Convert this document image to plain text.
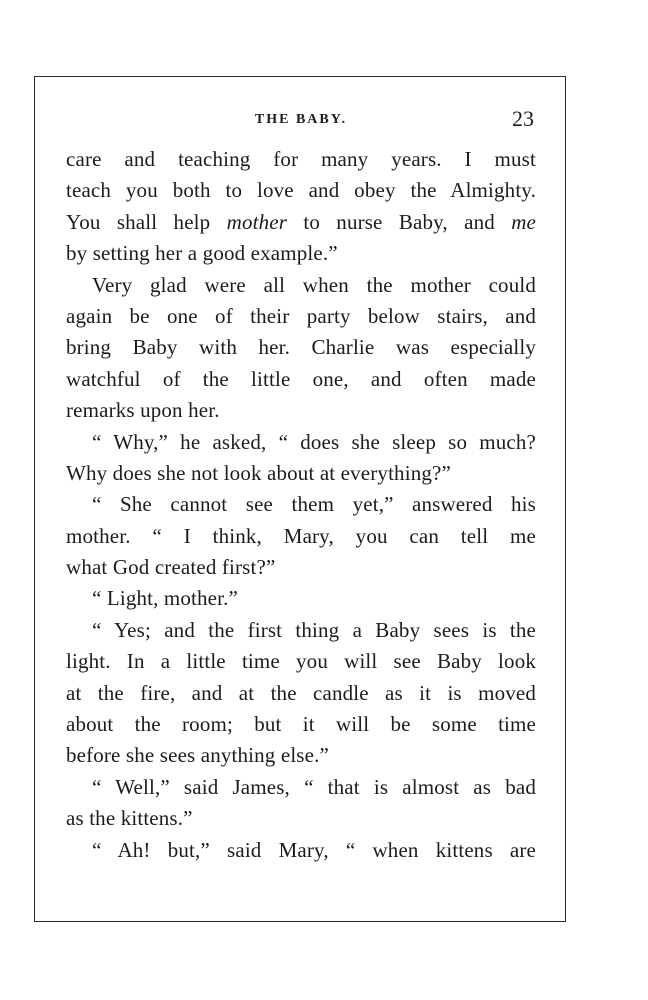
THE BABY.	23
care and teaching for many years. I must
teach you both to love and obey the Almighty.
You shall help mother to nurse Baby, and me
by setting her a good example.”
Very glad were all when the mother could
again be one of their party below stairs, and
bring Baby with her. Charlie was especially
watchful of the little one, and often made
remarks upon her.
“ Why,” he asked, “ does she sleep so much?
Why does she not look about at everything?”
“ She cannot see them yet,” answered his
mother. “ I think, Mary, you can tell me
what God created first?”
“ Light, mother.”
“ Yes; and the first thing a Baby sees is the
light. In a little time you will see Baby look
at the fire, and at the candle as it is moved
about the room; but it will be some time
before she sees anything else.”
“ Well,” said James, “ that is almost as bad
as the kittens.”
“ Ah! but,” said Mary, “ when kittens are
